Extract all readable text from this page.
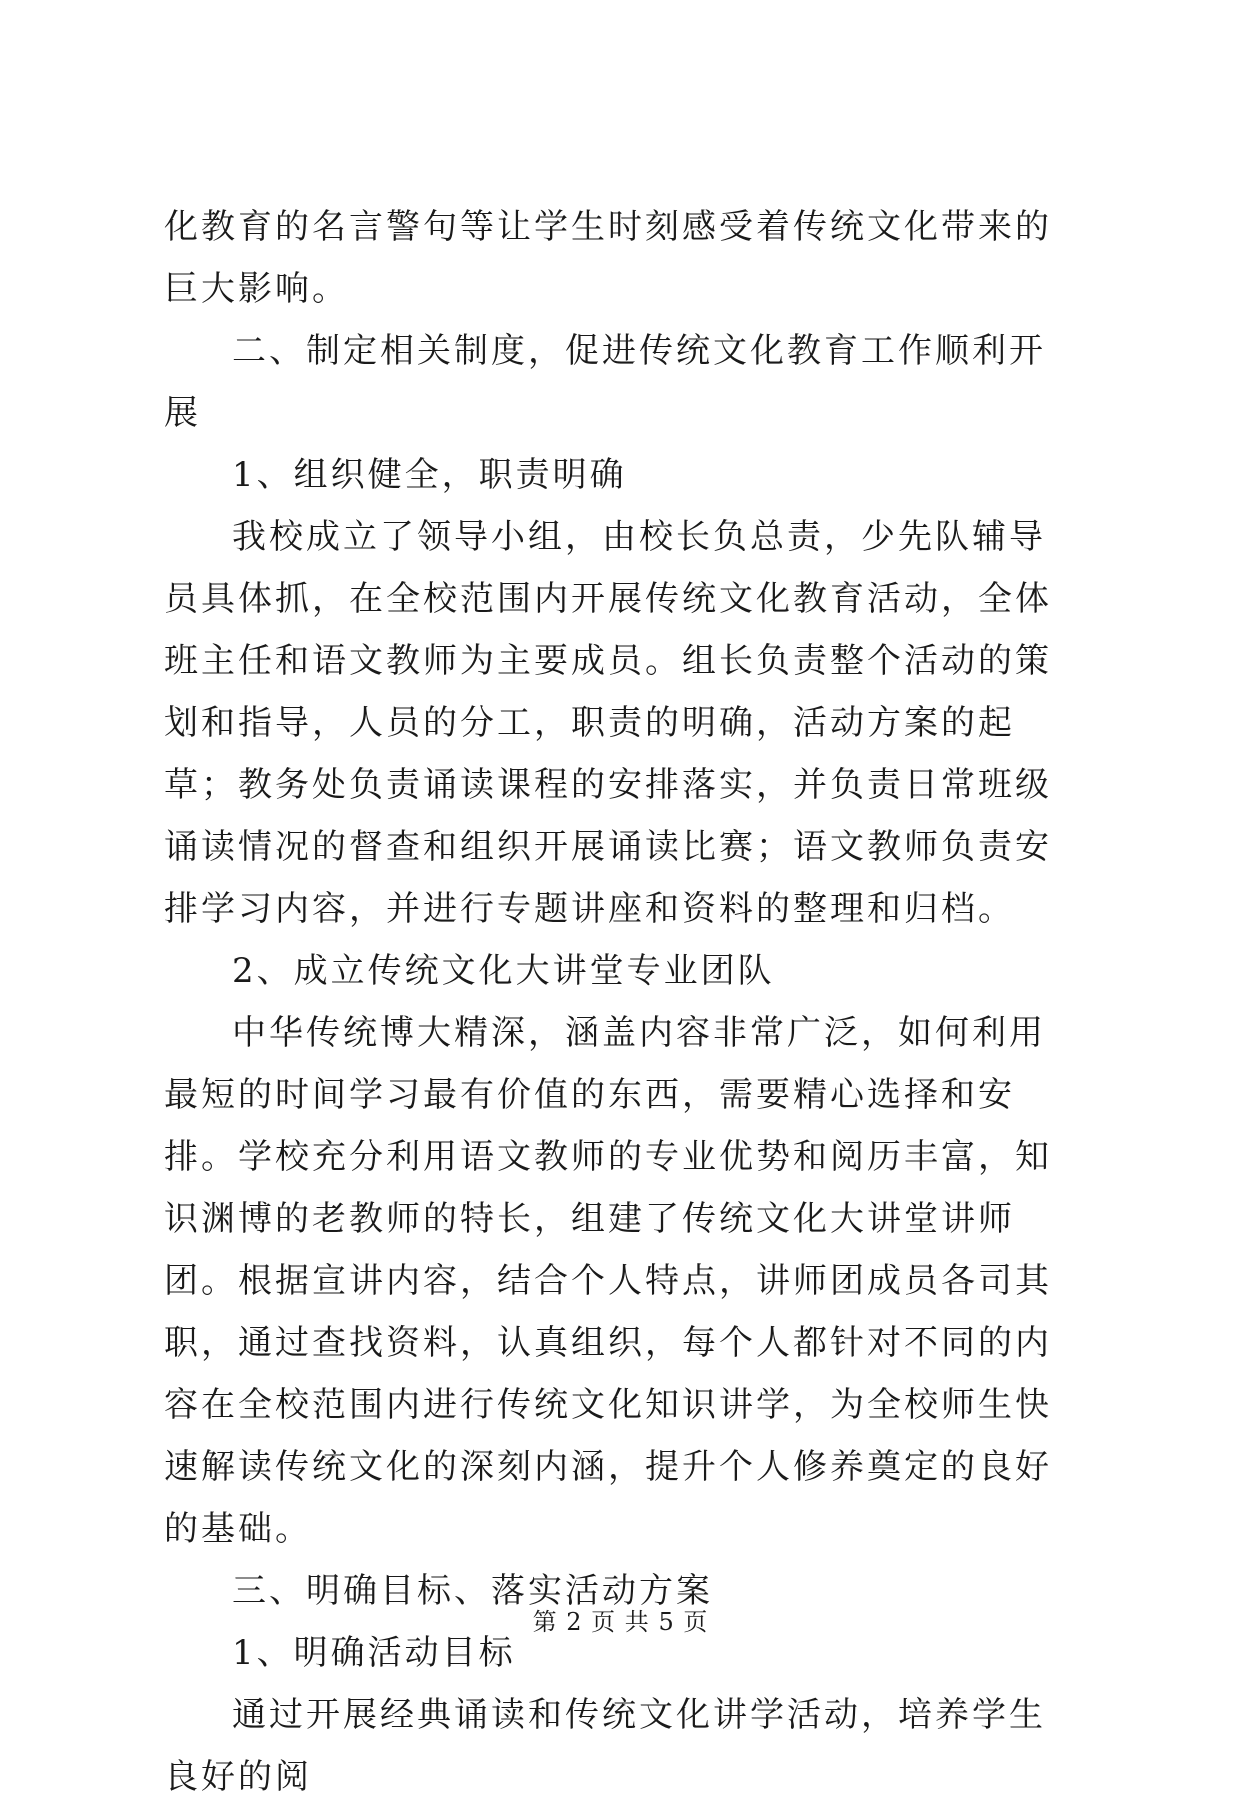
化教育的名言警句等让学生时刻感受着传统文化带来的巨大影响。

二、制定相关制度，促进传统文化教育工作顺利开展

1、组织健全，职责明确

我校成立了领导小组，由校长负总责，少先队辅导员具体抓，在全校范围内开展传统文化教育活动，全体班主任和语文教师为主要成员。组长负责整个活动的策划和指导，人员的分工，职责的明确，活动方案的起草；教务处负责诵读课程的安排落实，并负责日常班级诵读情况的督查和组织开展诵读比赛；语文教师负责安排学习内容，并进行专题讲座和资料的整理和归档。

2、成立传统文化大讲堂专业团队

中华传统博大精深，涵盖内容非常广泛，如何利用最短的时间学习最有价值的东西，需要精心选择和安排。学校充分利用语文教师的专业优势和阅历丰富，知识渊博的老教师的特长，组建了传统文化大讲堂讲师团。根据宣讲内容，结合个人特点，讲师团成员各司其职，通过查找资料，认真组织，每个人都针对不同的内容在全校范围内进行传统文化知识讲学，为全校师生快速解读传统文化的深刻内涵，提升个人修养奠定的良好的基础。

三、明确目标、落实活动方案

1、明确活动目标

通过开展经典诵读和传统文化讲学活动，培养学生良好的阅

第 2 页 共 5 页
